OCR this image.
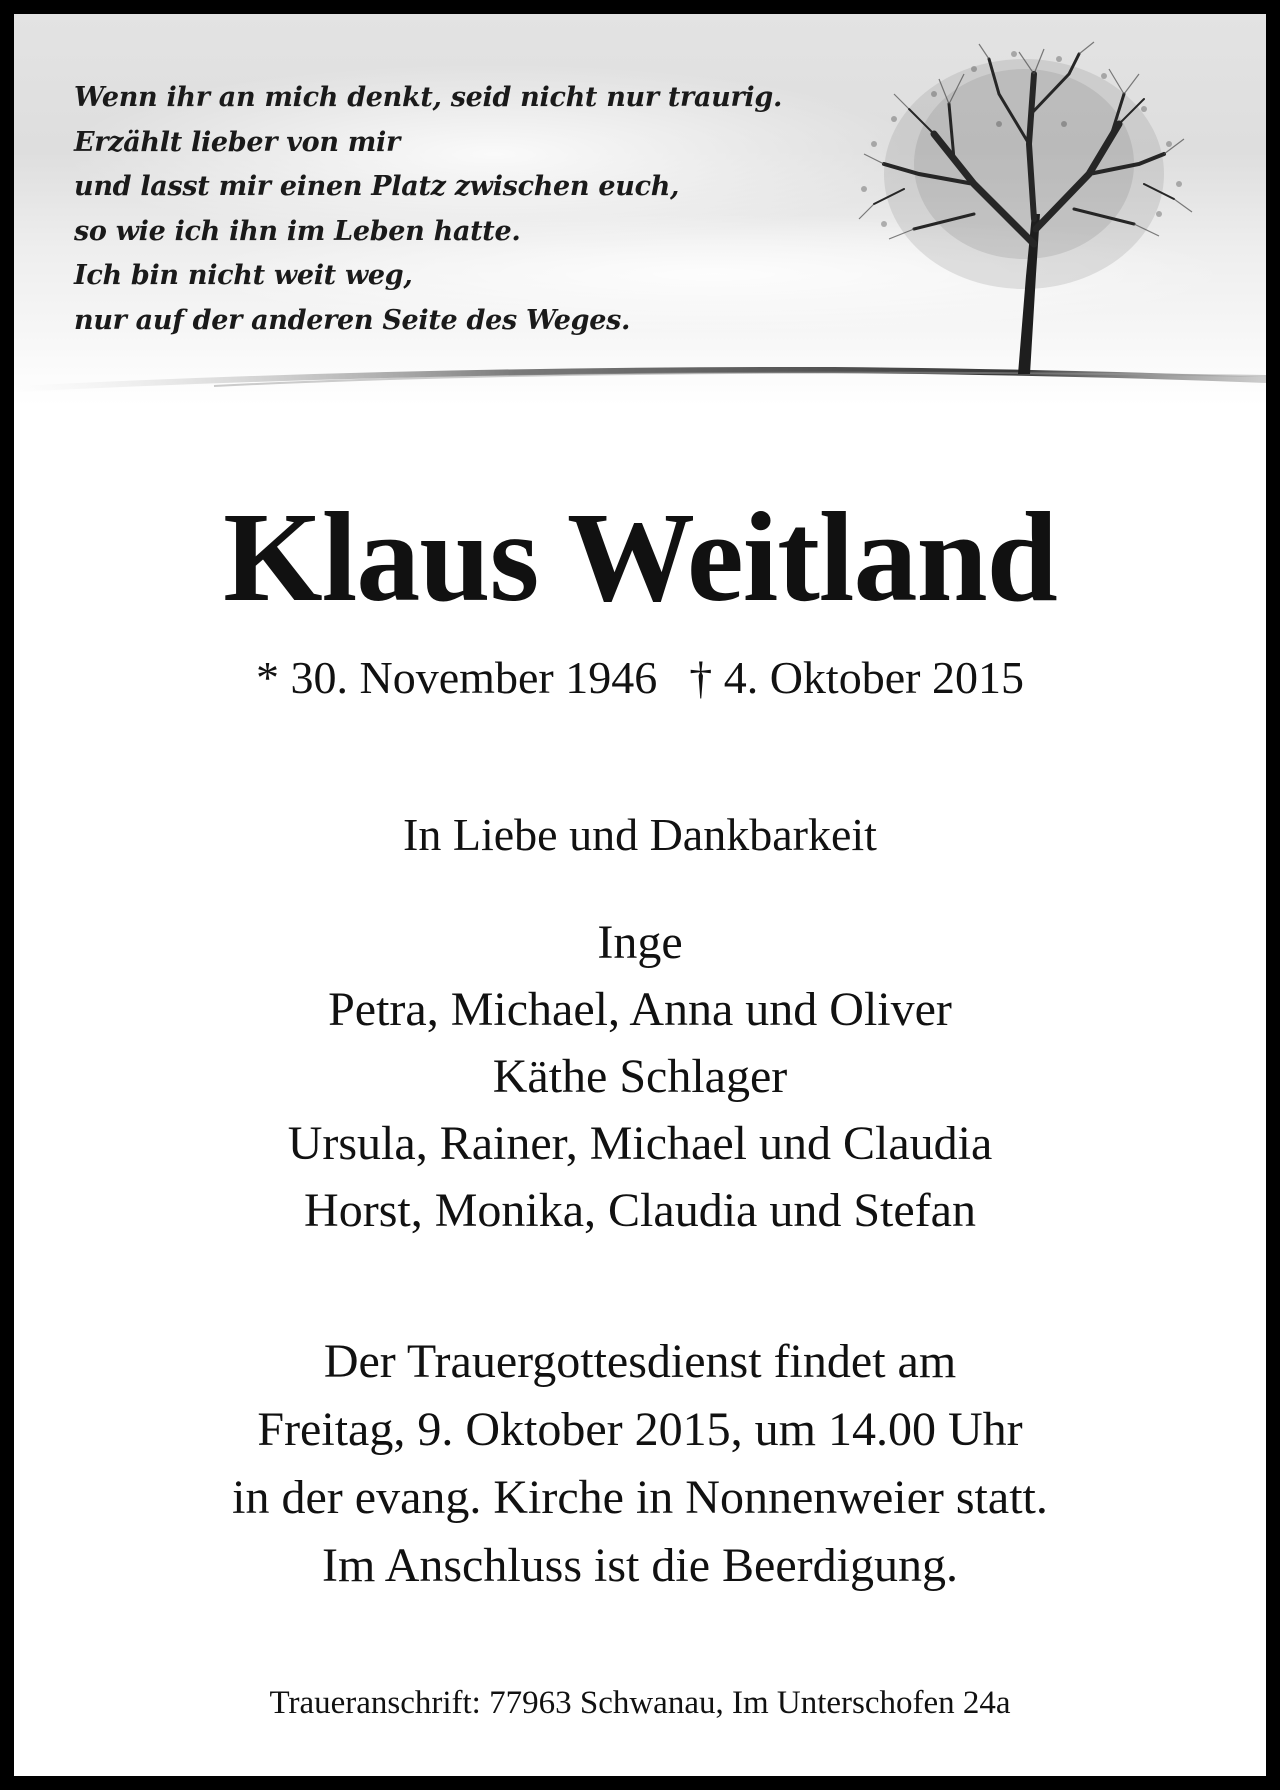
Wenn ihr an mich denkt, seid nicht nur traurig.
Erzählt lieber von mir
und lasst mir einen Platz zwischen euch,
so wie ich ihn im Leben hatte.
Ich bin nicht weit weg,
nur auf der anderen Seite des Weges.
Klaus Weitland

* 30. November 1946 † 4. Oktober 2015

In Liebe und Dankbarkeit

Inge
Petra, Michael, Anna und Oliver
Käthe Schlager
Ursula, Rainer, Michael und Claudia
Horst, Monika, Claudia und Stefan
Der Trauergottesdienst findet am
Freitag, 9. Oktober 2015, um 14.00 Uhr
in der evang. Kirche in Nonnenweier statt.
Im Anschluss ist die Beerdigung.

Traueranschrift: 77963 Schwanau, Im Unterschofen 24a
